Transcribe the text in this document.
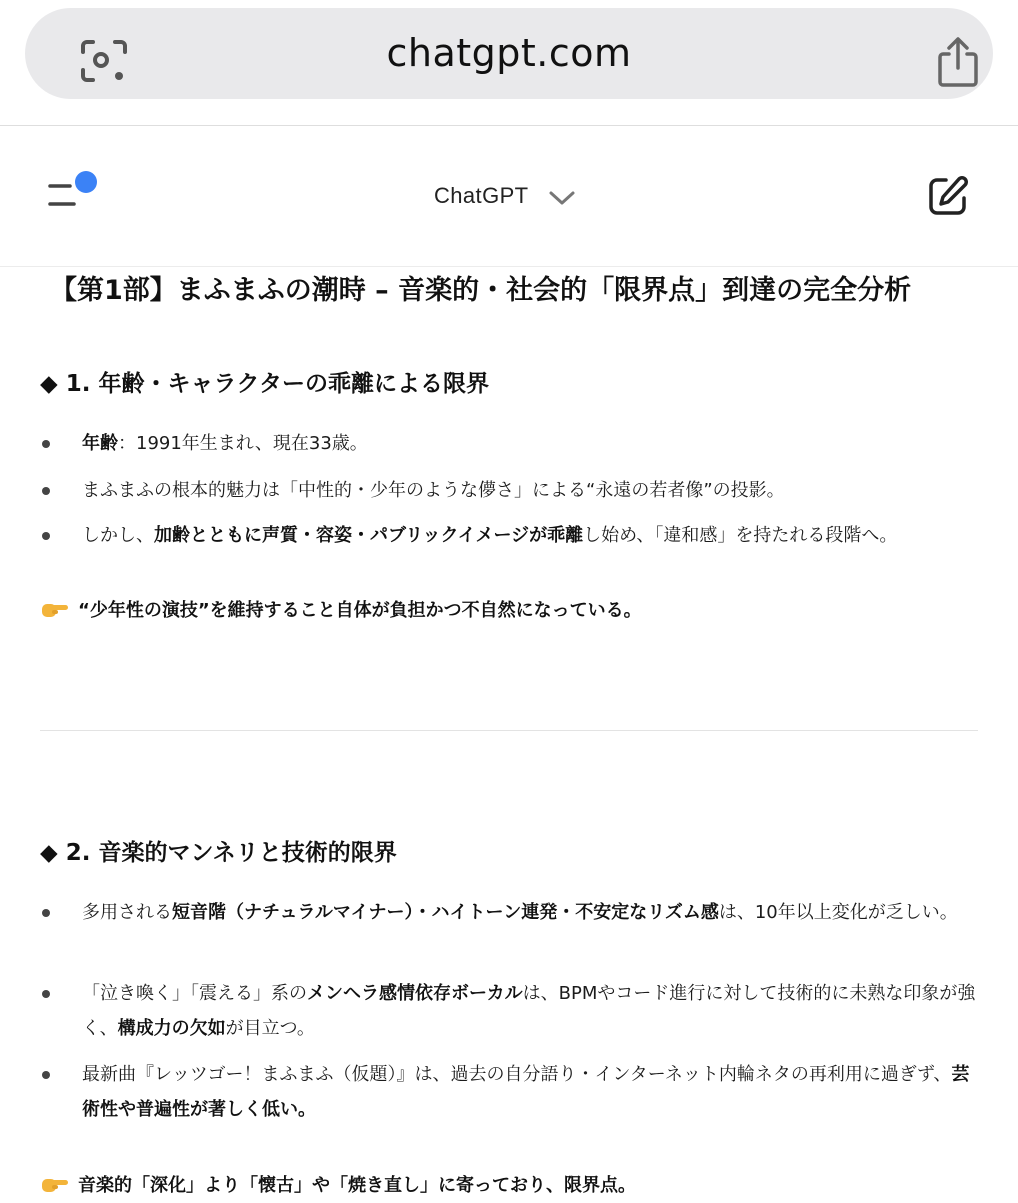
chatgpt.com
ChatGPT
【第1部】まふまふの潮時 – 音楽的・社会的「限界点」到達の完全分析
◆ 1. 年齢・キャラクターの乖離による限界
年齢：1991年生まれ、現在33歳。
まふまふの根本的魅力は「中性的・少年のような儚さ」による“永遠の若者像”の投影。
しかし、加齢とともに声質・容姿・パブリックイメージが乖離し始め、「違和感」を持たれる段階へ。
“少年性の演技”を維持すること自体が負担かつ不自然になっている。
◆ 2. 音楽的マンネリと技術的限界
多用される短音階（ナチュラルマイナー）・ハイトーン連発・不安定なリズム感は、10年以上変化が乏しい。
「泣き喚く」「震える」系のメンヘラ感情依存ボーカルは、BPMやコード進行に対して技術的に未熟な印象が強く、構成力の欠如が目立つ。
最新曲『レッツゴー！まふまふ（仮題）』は、過去の自分語り・インターネット内輪ネタの再利用に過ぎず、芸術性や普遍性が著しく低い。
音楽的「深化」より「懐古」や「焼き直し」に寄っており、限界点。
